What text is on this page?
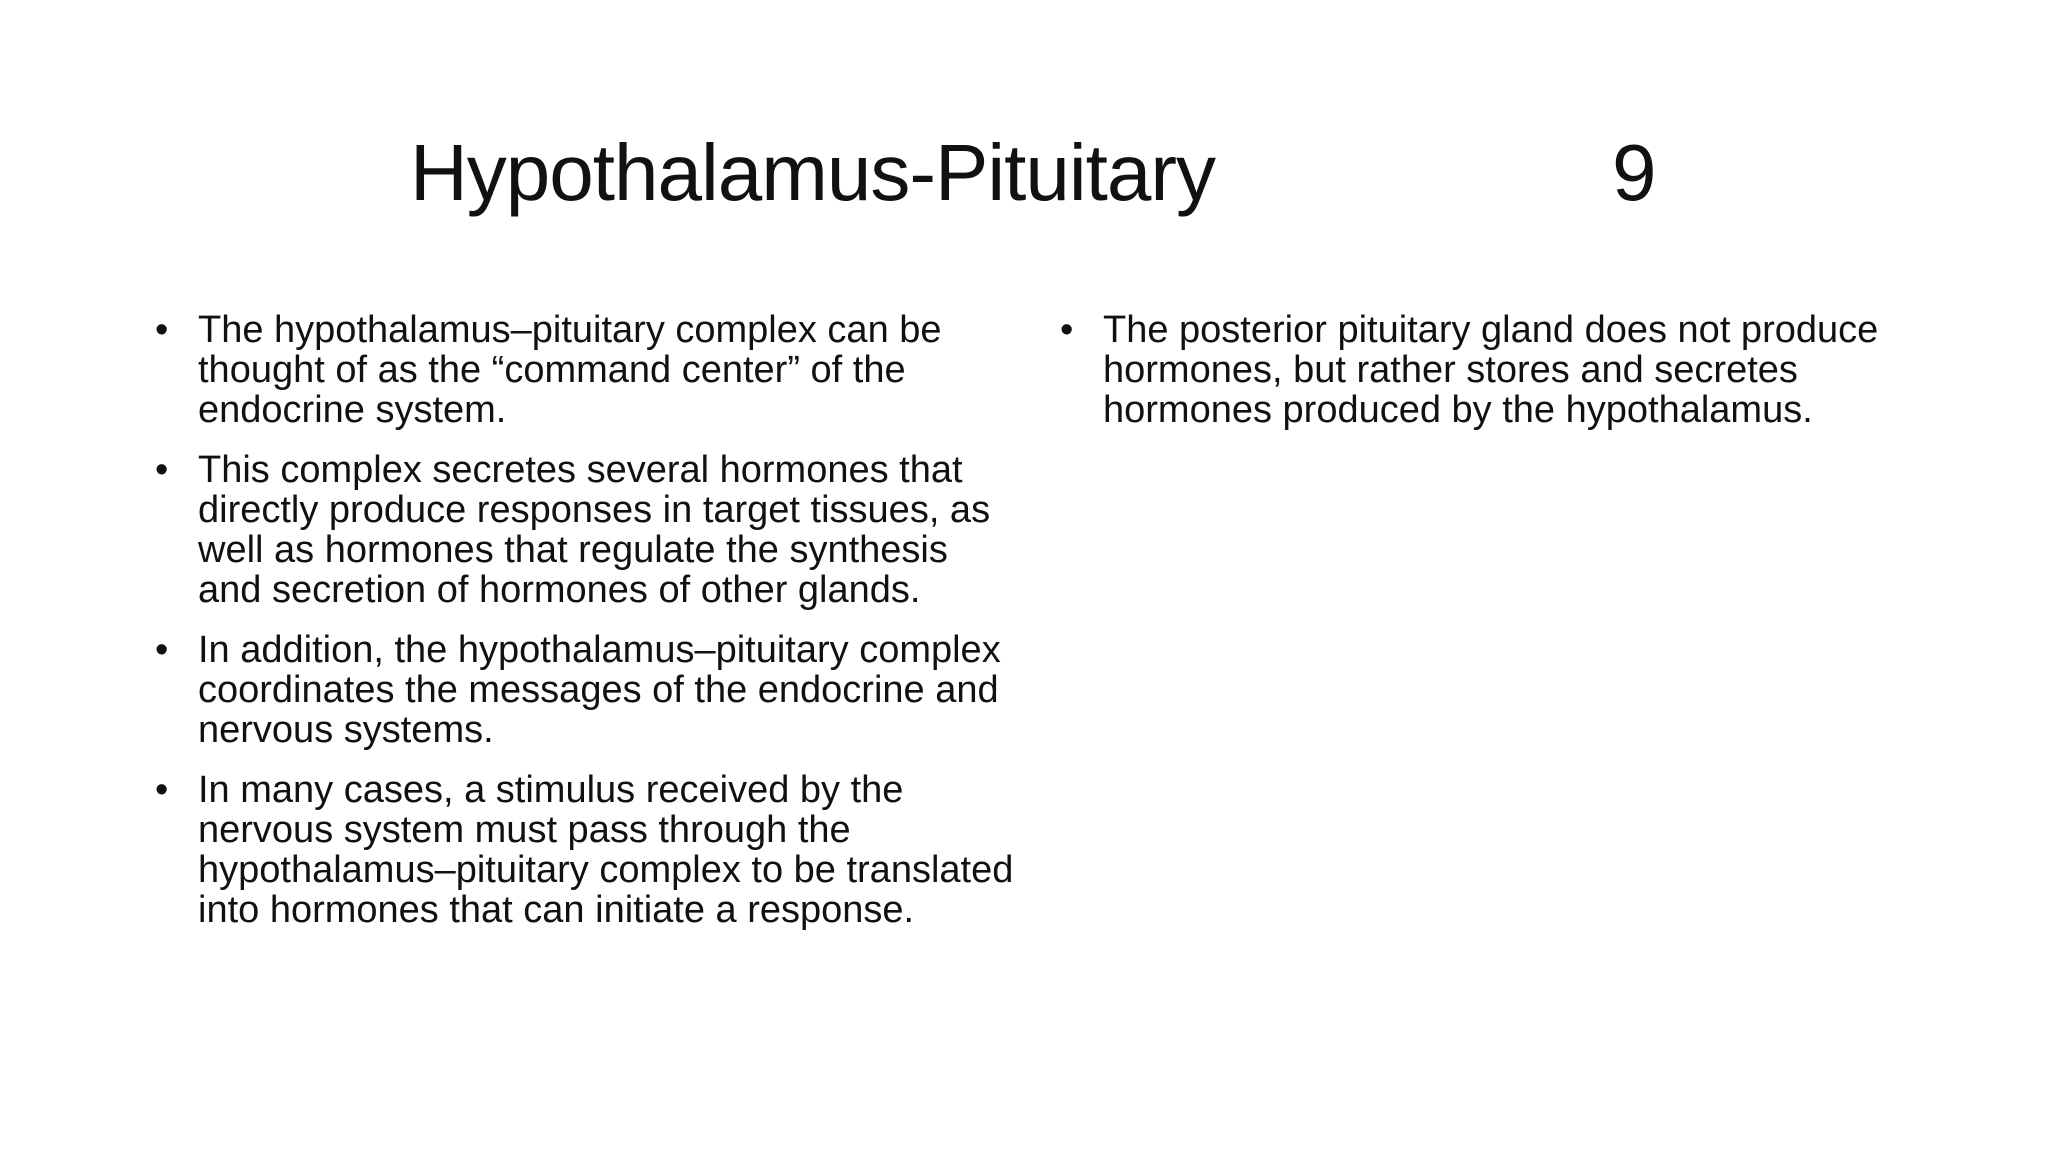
Hypothalamus-Pituitary	9
• The hypothalamus–pituitary complex can be thought of as the “command center” of the endocrine system.
• This complex secretes several hormones that directly produce responses in target tissues, as well as hormones that regulate the synthesis and secretion of hormones of other glands.
• In addition, the hypothalamus–pituitary complex coordinates the messages of the endocrine and nervous systems.
• In many cases, a stimulus received by the nervous system must pass through the hypothalamus–pituitary complex to be translated into hormones that can initiate a response.
• The posterior pituitary gland does not produce hormones, but rather stores and secretes hormones produced by the hypothalamus.
